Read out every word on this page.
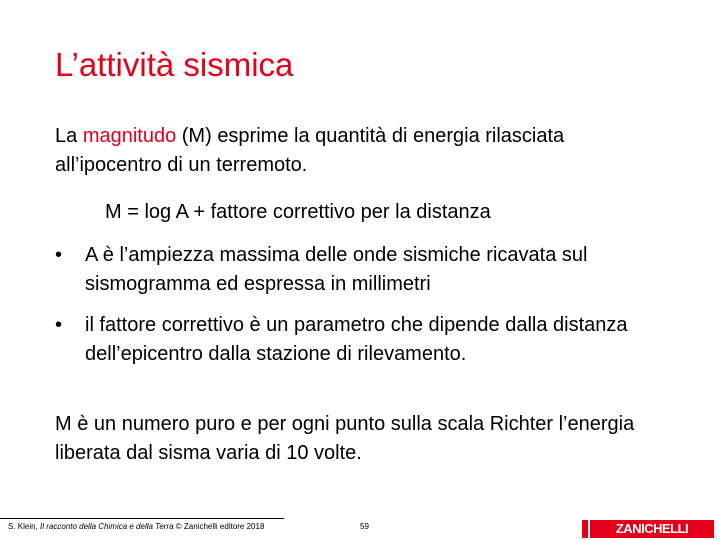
L’attività sismica
La magnitudo (M) esprime la quantità di energia rilasciata all’ipocentro di un terremoto.
M = log A + fattore correttivo per la distanza
• A è l’ampiezza massima delle onde sismiche ricavata sul sismogramma ed espressa in millimetri
• il fattore correttivo è un parametro che dipende dalla distanza dell’epicentro dalla stazione di rilevamento.
M è un numero puro e per ogni punto sulla scala Richter l’energia liberata dal sisma varia di 10 volte.
S. Klein, Il racconto della Chimica e della Terra © Zanichelli editore 2018	59	ZANICHELLI
